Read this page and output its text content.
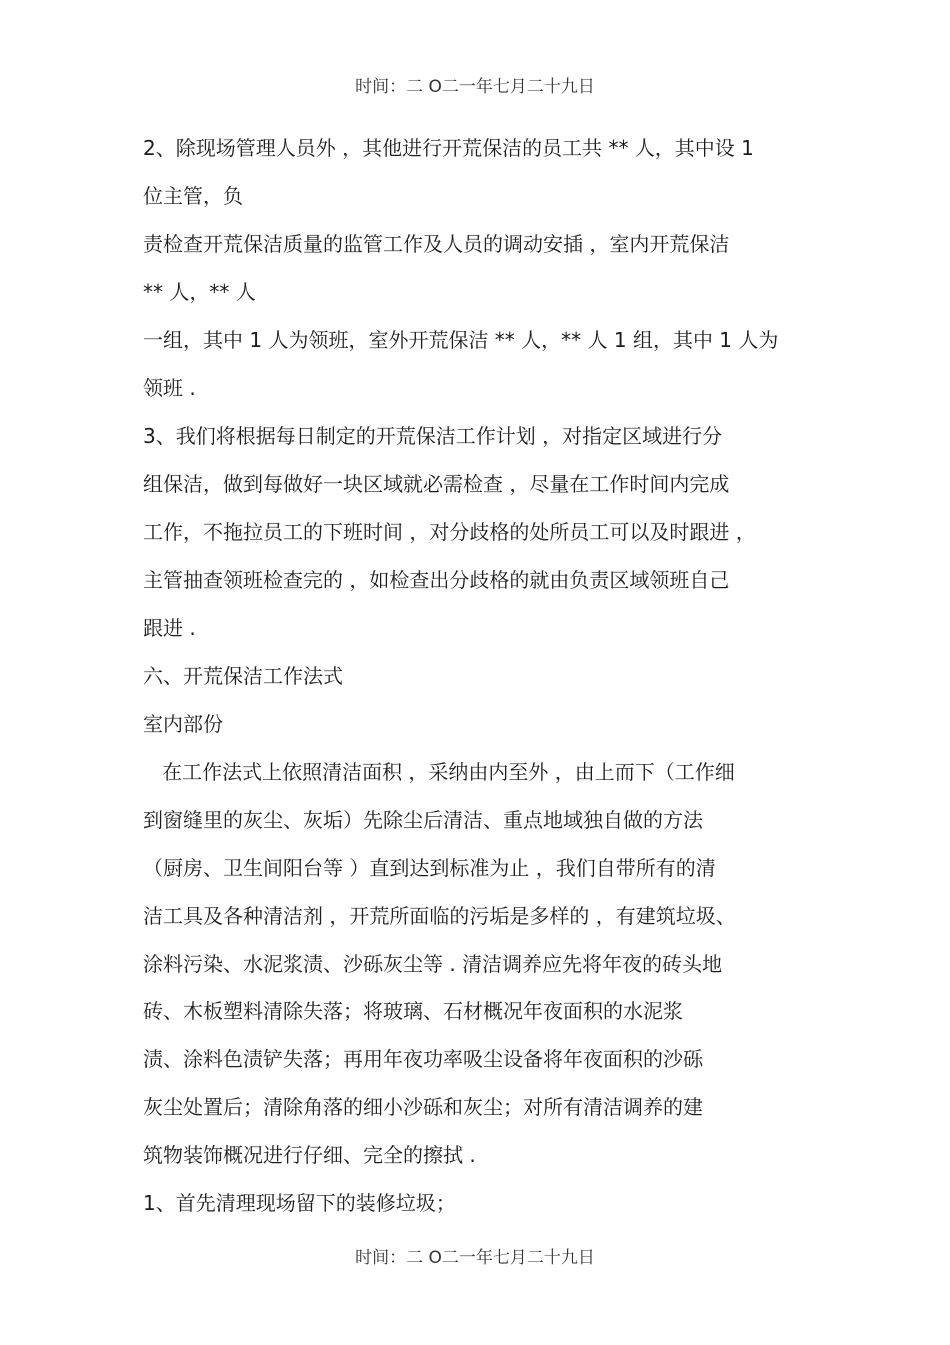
时间：二 O二一年七月二十九日
2、除现场管理人员外 ，其他进行开荒保洁的员工共 ** 人，其中设 1
位主管，负
责检查开荒保洁质量的监管工作及人员的调动安插 ，室内开荒保洁
** 人，** 人
一组，其中 1 人为领班，室外开荒保洁 ** 人，** 人 1 组，其中 1 人为
领班 .
3、我们将根据每日制定的开荒保洁工作计划 ，对指定区域进行分
组保洁，做到每做好一块区域就必需检查 ，尽量在工作时间内完成
工作，不拖拉员工的下班时间 ，对分歧格的处所员工可以及时跟进 ，
主管抽查领班检查完的 ，如检查出分歧格的就由负责区域领班自己
跟进 .
六、开荒保洁工作法式
室内部份
在工作法式上依照清洁面积 ，采纳由内至外 ，由上而下（工作细
到窗缝里的灰尘、灰垢）先除尘后清洁、重点地域独自做的方法
（厨房、卫生间阳台等 ）直到达到标准为止 ，我们自带所有的清
洁工具及各种清洁剂 ，开荒所面临的污垢是多样的 ，有建筑垃圾、
涂料污染、水泥浆渍、沙砾灰尘等 . 清洁调养应先将年夜的砖头地
砖、木板塑料清除失落；将玻璃、石材概况年夜面积的水泥浆
渍、涂料色渍铲失落；再用年夜功率吸尘设备将年夜面积的沙砾
灰尘处置后；清除角落的细小沙砾和灰尘；对所有清洁调养的建
筑物装饰概况进行仔细、完全的擦拭 .
1、首先清理现场留下的装修垃圾；
时间：二 O二一年七月二十九日
